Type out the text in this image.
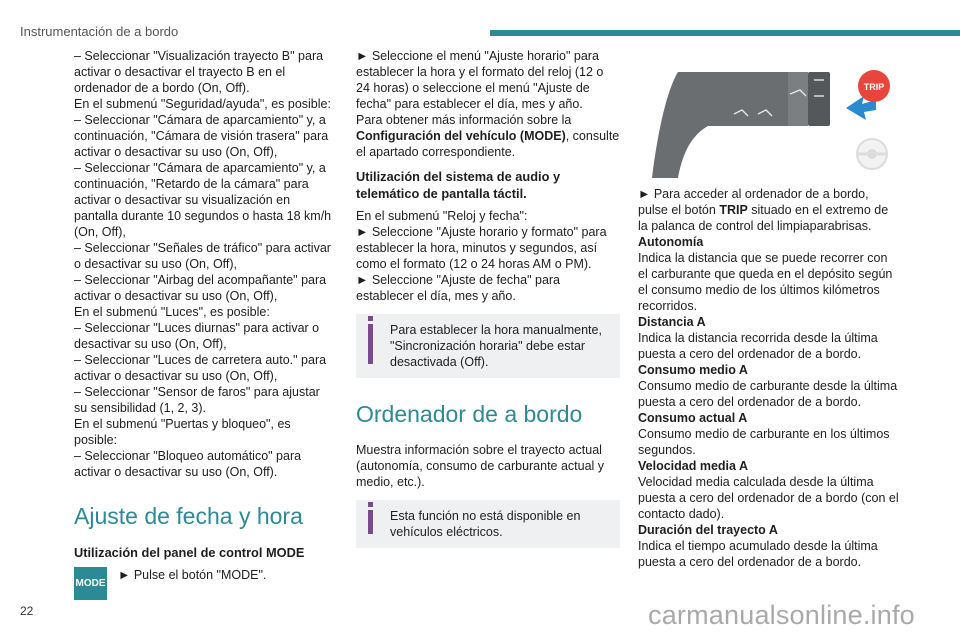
Instrumentación de a bordo

– Seleccionar "Visualización trayecto B" para activar o desactivar el trayecto B en el ordenador de a bordo (On, Off).

En el submenú "Seguridad/ayuda", es posible:

– Seleccionar "Cámara de aparcamiento" y, a continuación, "Cámara de visión trasera" para activar o desactivar su uso (On, Off),

– Seleccionar "Cámara de aparcamiento" y, a continuación, "Retardo de la cámara" para activar o desactivar su visualización en pantalla durante 10 segundos o hasta 18 km/h (On, Off),

– Seleccionar "Señales de tráfico" para activar o desactivar su uso (On, Off),

– Seleccionar "Airbag del acompañante" para activar o desactivar su uso (On, Off),

En el submenú "Luces", es posible:

– Seleccionar "Luces diurnas" para activar o desactivar su uso (On, Off),

– Seleccionar "Luces de carretera auto." para activar o desactivar su uso (On, Off),

– Seleccionar "Sensor de faros" para ajustar su sensibilidad (1, 2, 3).

En el submenú "Puertas y bloqueo", es posible:

– Seleccionar "Bloqueo automático" para activar o desactivar su uso (On, Off).

Ajuste de fecha y hora
Utilización del panel de control MODE
MODE
► Pulse el botón "MODE".

► Seleccione el menú "Ajuste horario" para establecer la hora y el formato del reloj (12 o 24 horas) o seleccione el menú "Ajuste de fecha" para establecer el día, mes y año.

Para obtener más información sobre la Configuración del vehículo (MODE), consulte el apartado correspondiente.

Utilización del sistema de audio y telemático de pantalla táctil.

En el submenú "Reloj y fecha":

► Seleccione "Ajuste horario y formato" para establecer la hora, minutos y segundos, así como el formato (12 o 24 horas AM o PM).

► Seleccione "Ajuste de fecha" para establecer el día, mes y año.

Para establecer la hora manualmente, "Sincronización horaria" debe estar desactivada (Off).
Ordenador de a bordo

Muestra información sobre el trayecto actual (autonomía, consumo de carburante actual y medio, etc.).

Esta función no está disponible en vehículos eléctricos.
TRIP

► Para acceder al ordenador de a bordo, pulse el botón TRIP situado en el extremo de la palanca de control del limpiaparabrisas.

Autonomía

Indica la distancia que se puede recorrer con el carburante que queda en el depósito según el consumo medio de los últimos kilómetros recorridos.

Distancia A

Indica la distancia recorrida desde la última puesta a cero del ordenador de a bordo.

Consumo medio A

Consumo medio de carburante desde la última puesta a cero del ordenador de a bordo.

Consumo actual A

Consumo medio de carburante en los últimos segundos.

Velocidad media A

Velocidad media calculada desde la última puesta a cero del ordenador de a bordo (con el contacto dado).

Duración del trayecto A

Indica el tiempo acumulado desde la última puesta a cero del ordenador de a bordo.

22	carmanualsonline.info
